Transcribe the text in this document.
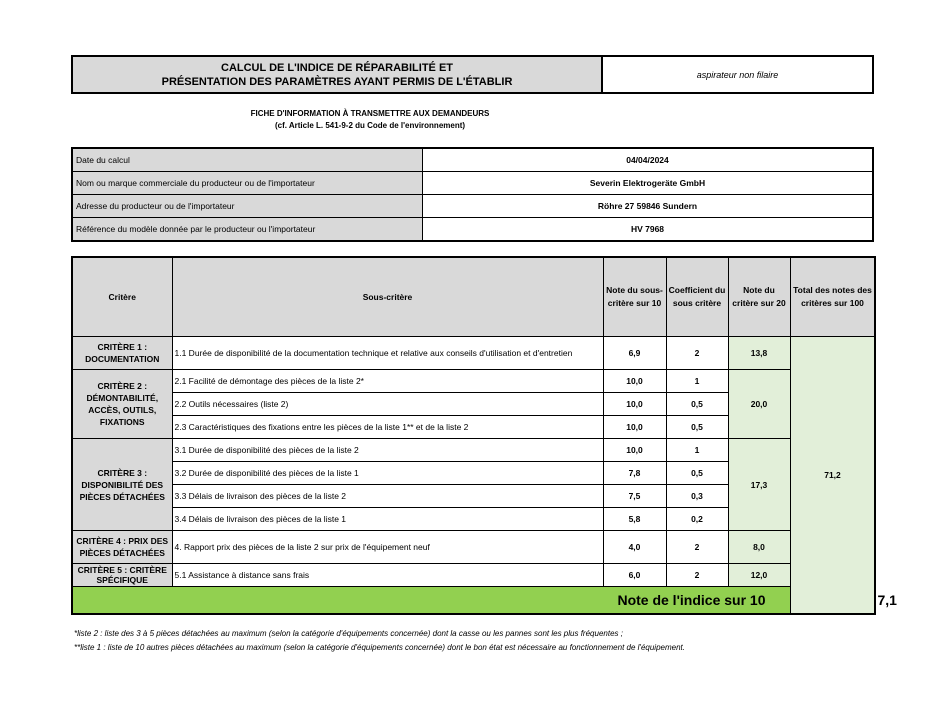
CALCUL DE L'INDICE DE RÉPARABILITÉ ET
PRÉSENTATION DES PARAMÈTRES AYANT PERMIS DE L'ÉTABLIR
aspirateur non filaire
FICHE D'INFORMATION À TRANSMETTRE AUX DEMANDEURS
(cf. Article L. 541-9-2 du Code de l'environnement)
Date du calcul	04/04/2024
Nom ou marque commerciale du producteur ou de l'importateur	Severin Elektrogeräte GmbH
Adresse du producteur ou de l'importateur	Röhre 27 59846 Sundern
Référence du modèle donnée par le producteur ou l'importateur	HV 7968
Critère	Sous-critère	Note du sous-critère sur 10	Coefficient du sous critère	Note du critère sur 20	Total des notes des critères sur 100	
CRITÈRE 1 : DOCUMENTATION	1.1 Durée de disponibilité de la documentation technique et relative aux conseils d'utilisation et d'entretien	6,9	2	13,8	71,2	
CRITÈRE 2 : DÉMONTABILITÉ, ACCÈS, OUTILS, FIXATIONS	2.1 Facilité de démontage des pièces de la liste 2*	10,0	1	20,0		
	2.2 Outils nécessaires (liste 2)	10,0	0,5			
	2.3 Caractéristiques des fixations entre les pièces de la liste 1** et de la liste 2	10,0	0,5			
CRITÈRE 3 : DISPONIBILITÉ DES PIÈCES DÉTACHÉES	3.1 Durée de disponibilité des pièces de la liste 2	10,0	1	17,3		
	3.2 Durée de disponibilité des pièces de la liste 1	7,8	0,5			
	3.3 Délais de livraison des pièces de la liste 2	7,5	0,3			
	3.4 Délais de livraison des pièces de la liste 1	5,8	0,2			
CRITÈRE 4 : PRIX DES PIÈCES DÉTACHÉES	4. Rapport prix des pièces de la liste 2 sur prix de l'équipement neuf	4,0	2	8,0		
CRITÈRE 5 : CRITÈRE SPÉCIFIQUE	5.1 Assistance à distance sans frais	6,0	2	12,0		
Note de l'indice sur 10						7,1
*liste 2 : liste des 3 à 5 pièces détachées au maximum (selon la catégorie d'équipements concernée) dont la casse ou les pannes sont les plus fréquentes ;
**liste 1 : liste de 10 autres pièces détachées au maximum (selon la catégorie d'équipements concernée) dont le bon état est nécessaire au fonctionnement de l'équipement.
